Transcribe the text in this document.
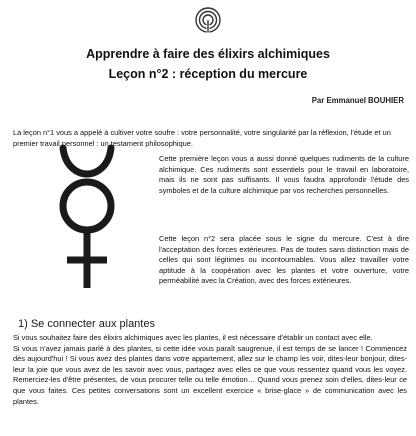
Apprendre à faire des élixirs alchimiques
Leçon n°2 : réception du mercure
Par Emmanuel BOUHIER
La leçon n°1 vous a appelé à cultiver votre soufre : votre personnalité, votre singularité par la réflexion, l'étude et un premier travail personnel : un testament philosophique.
Cette première leçon vous a aussi donné quelques rudiments de la culture alchimique. Ces rudiments sont essentiels pour le travail en laboratoire, mais ils ne sont pas suffisants. Il vous faudra approfondir l'étude des symboles et de la culture alchimique par vos recherches personnelles.
Cette leçon n°2 sera placée sous le signe du mercure. C'est à dire l'acceptation des forces extérieures. Pas de toutes sans distinction mais de celles qui sont légitimes ou incontournables. Vous allez travailler votre aptitude à la coopération avec les plantes et votre ouverture, votre perméabilité avec la Création, avec des forces extérieures.
1) Se connecter aux plantes

Si vous souhaitez faire des élixirs alchimiques avec les plantes, il est nécessaire d'établir un contact avec elle.

Si vous n'avez jamais parlé à des plantes, si cette idée vous paraît saugrenue, il est temps de se lancer ! Commencez dès aujourd'hui ! Si vous avez des plantes dans votre appartement, allez sur le champ les voir, dites-leur bonjour, dites-leur la joie que vous avez de les savoir avec vous, partagez avec elles ce que vous ressentez quand vous les voyez. Remerciez-les d'être présentes, de vous procurer telle ou telle émotion… Quand vous prenez soin d'elles, dites-leur ce que vous faites. Ces petites conversations sont un excellent exercice « brise-glace » de communication avec les plantes.
